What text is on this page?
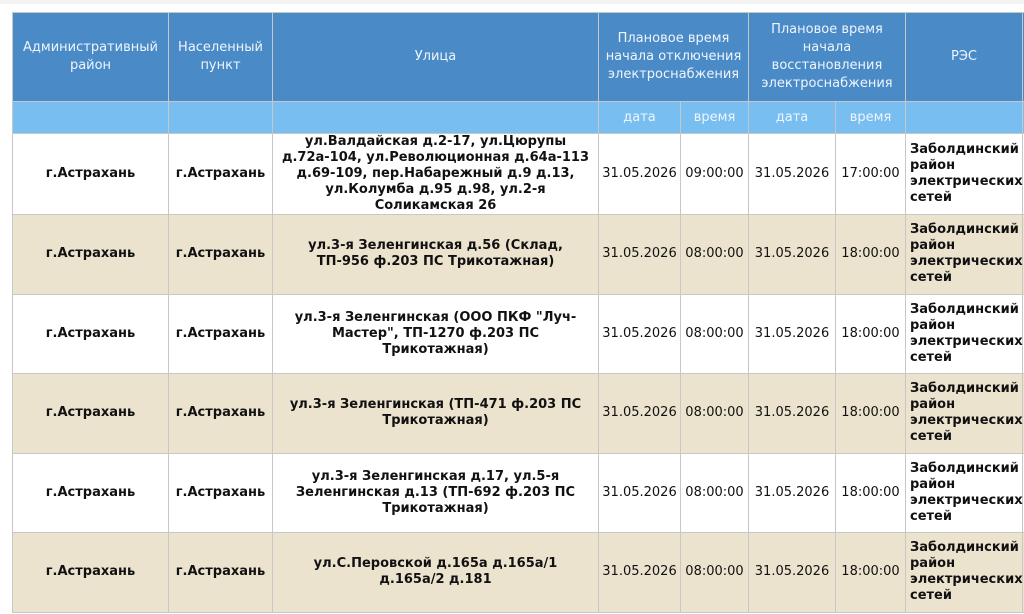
Административный район	Населенный пункт	Улица	Плановое время начала отключения электроснабжения		Плановое время начала восстановления электроснабжения		РЭС	
			дата	время	дата	время		
г.Астрахань	г.Астрахань	ул.Валдайская д.2-17, ул.Цюрупы д.72а-104, ул.Революционная д.64а-113 д.69-109, пер.Набарежный д.9 д.13, ул.Колумба д.95 д.98, ул.2-я Соликамская 26	31.05.2026	09:00:00	31.05.2026	17:00:00	Заболдинский район электрических сетей	
г.Астрахань	г.Астрахань	ул.3-я Зеленгинская д.56 (Склад, ТП-956 ф.203 ПС Трикотажная)	31.05.2026	08:00:00	31.05.2026	18:00:00	Заболдинский район электрических сетей	
г.Астрахань	г.Астрахань	ул.3-я Зеленгинская (ООО ПКФ "Луч-Мастер", ТП-1270 ф.203 ПС Трикотажная)	31.05.2026	08:00:00	31.05.2026	18:00:00	Заболдинский район электрических сетей	
г.Астрахань	г.Астрахань	ул.3-я Зеленгинская (ТП-471 ф.203 ПС Трикотажная)	31.05.2026	08:00:00	31.05.2026	18:00:00	Заболдинский район электрических сетей	
г.Астрахань	г.Астрахань	ул.3-я Зеленгинская д.17, ул.5-я Зеленгинская д.13 (ТП-692 ф.203 ПС Трикотажная)	31.05.2026	08:00:00	31.05.2026	18:00:00	Заболдинский район электрических сетей	
г.Астрахань	г.Астрахань	ул.С.Перовской д.165а д.165а/1 д.165а/2 д.181	31.05.2026	08:00:00	31.05.2026	18:00:00	Заболдинский район электрических сетей	
